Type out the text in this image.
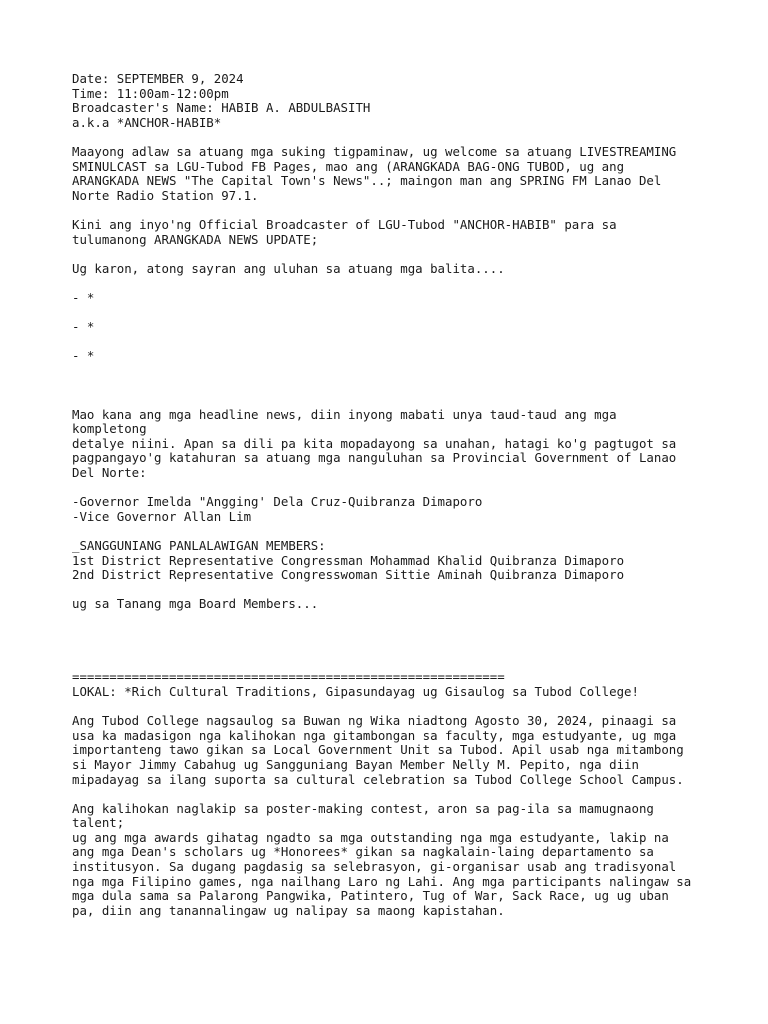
Date: SEPTEMBER 9, 2024
Time: 11:00am-12:00pm
Broadcaster's Name: HABIB A. ABDULBASITH
a.k.a *ANCHOR-HABIB*
Maayong adlaw sa atuang mga suking tigpaminaw, ug welcome sa atuang LIVESTREAMING
SMINULCAST sa LGU-Tubod FB Pages, mao ang (ARANGKADA BAG-ONG TUBOD, ug ang
ARANGKADA NEWS "The Capital Town's News"..; maingon man ang SPRING FM Lanao Del
Norte Radio Station 97.1.
Kini ang inyo'ng Official Broadcaster of LGU-Tubod "ANCHOR-HABIB" para sa
tulumanong ARANGKADA NEWS UPDATE;
Ug karon, atong sayran ang uluhan sa atuang mga balita....
- *
- *
- *
Mao kana ang mga headline news, diin inyong mabati unya taud-taud ang mga
kompletong
detalye niini. Apan sa dili pa kita mopadayong sa unahan, hatagi ko'g pagtugot sa
pagpangayo'g katahuran sa atuang mga nanguluhan sa Provincial Government of Lanao
Del Norte:
-Governor Imelda "Angging' Dela Cruz-Quibranza Dimaporo
-Vice Governor Allan Lim
_SANGGUNIANG PANLALAWIGAN MEMBERS:
1st District Representative Congressman Mohammad Khalid Quibranza Dimaporo
2nd District Representative Congresswoman Sittie Aminah Quibranza Dimaporo
ug sa Tanang mga Board Members...
==========================================================
LOKAL: *Rich Cultural Traditions, Gipasundayag ug Gisaulog sa Tubod College!
Ang Tubod College nagsaulog sa Buwan ng Wika niadtong Agosto 30, 2024, pinaagi sa
usa ka madasigon nga kalihokan nga gitambongan sa faculty, mga estudyante, ug mga
importanteng tawo gikan sa Local Government Unit sa Tubod. Apil usab nga mitambong
si Mayor Jimmy Cabahug ug Sangguniang Bayan Member Nelly M. Pepito, nga diin
mipadayag sa ilang suporta sa cultural celebration sa Tubod College School Campus.
Ang kalihokan naglakip sa poster-making contest, aron sa pag-ila sa mamugnaong
talent;
ug ang mga awards gihatag ngadto sa mga outstanding nga mga estudyante, lakip na
ang mga Dean's scholars ug *Honorees* gikan sa nagkalain-laing departamento sa
institusyon. Sa dugang pagdasig sa selebrasyon, gi-organisar usab ang tradisyonal
nga mga Filipino games, nga nailhang Laro ng Lahi. Ang mga participants nalingaw sa
mga dula sama sa Palarong Pangwika, Patintero, Tug of War, Sack Race, ug ug uban
pa, diin ang tanannalingaw ug nalipay sa maong kapistahan.
